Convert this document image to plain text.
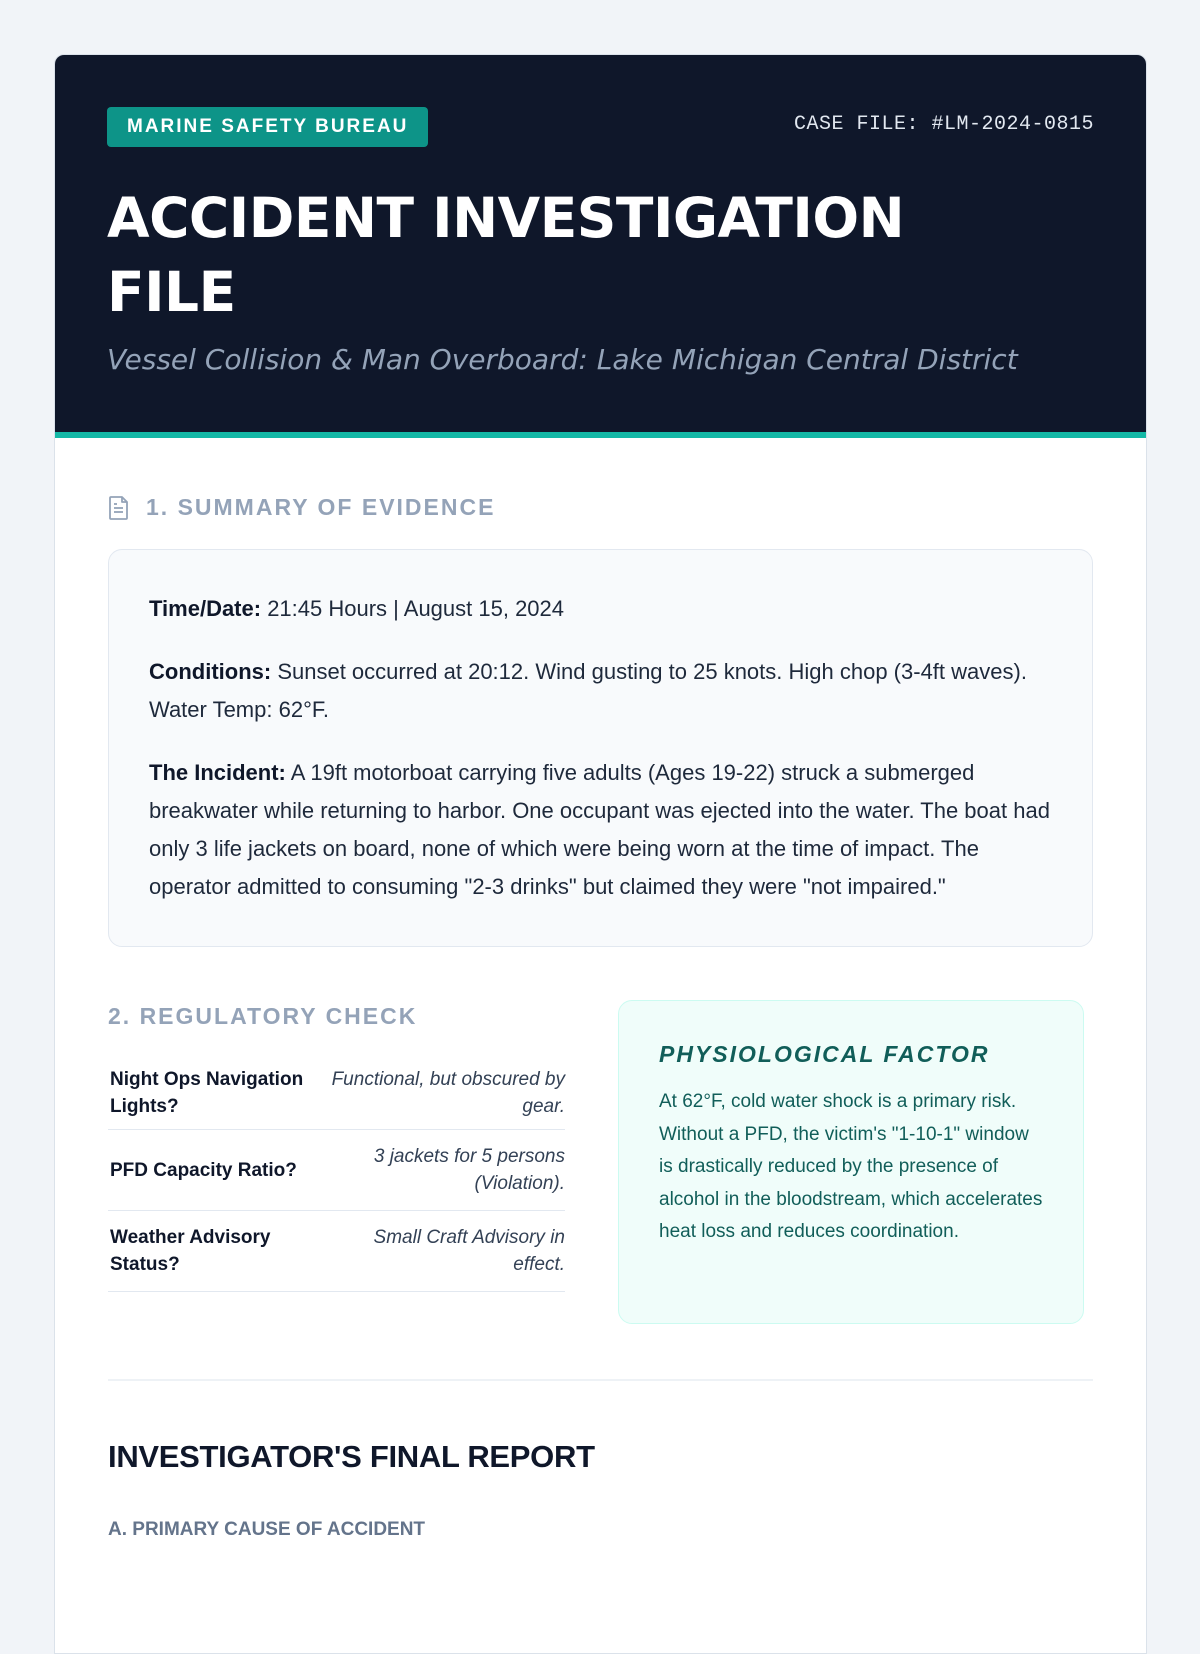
MARINE SAFETY BUREAU	CASE FILE: #LM-2024-0815
ACCIDENT INVESTIGATION FILE
Vessel Collision & Man Overboard: Lake Michigan Central District
1. SUMMARY OF EVIDENCE

Time/Date: 21:45 Hours | August 15, 2024

Conditions: Sunset occurred at 20:12. Wind gusting to 25 knots. High chop (3-4ft waves). Water Temp: 62°F.

The Incident: A 19ft motorboat carrying five adults (Ages 19-22) struck a submerged breakwater while returning to harbor. One occupant was ejected into the water. The boat had only 3 life jackets on board, none of which were being worn at the time of impact. The operator admitted to consuming "2-3 drinks" but claimed they were "not impaired."

2. REGULATORY CHECK
Night Ops Navigation Lights?
Functional, but obscured by gear.
PFD Capacity Ratio?
3 jackets for 5 persons (Violation).
Weather Advisory Status?
Small Craft Advisory in effect.
PHYSIOLOGICAL FACTOR
At 62°F, cold water shock is a primary risk. Without a PFD, the victim's "1-10-1" window is drastically reduced by the presence of alcohol in the bloodstream, which accelerates heat loss and reduces coordination.
INVESTIGATOR'S FINAL REPORT
A. PRIMARY CAUSE OF ACCIDENT
